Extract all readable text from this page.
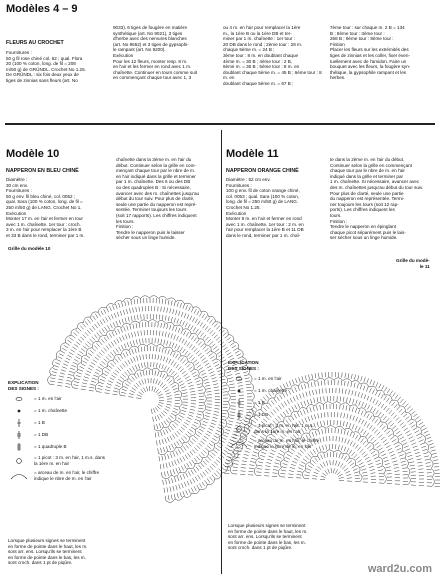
Modèles 4 – 9
FLEURS AU CROCHET
Fournitures :
50 g fil rose chiné col. 62 ; qual. Flora
20 (100 % coton, long. de fil = 208
m/50 g) de GRÜNDL. Crochet No 1.25.
De GRÜNDL : six fois deux yeux de
tiges de zinnias sans fleurs (art. No
9033), 6 tiges de fougère en matière
synthétique (art. No 9021), 3 tiges
d'herbe avec des nervures blanches
(art. No 9552) et 3 tiges de gypsophi-
le rampant (art. No 9200).
Exécution
Pour les 12 fleurs, monter resp. 8 m.
en l'air et les fermer en rond avec 1 m.
chaînette. Continuer en tours comme suit
en commençant chaque tour avec 1, 3
ou 4 m. en l'air pour remplacer la 1ère
m., la 1ère B ou la 1ère DB et ter-
miner par 1 m. chaînette : 1er tour :
20 DB dans le rond ; 2ème tour : 28 m.
chaque 5ème m. = 24 B ;
3ème tour : 8 m. en doublant chaque
4ème m. = 30 B ; 4ème tour : 2 B,
6ème m. = 36 B ; 5ème tour : 8 m. en
doublant chaque 5ème m. = 45 B ; 6ème tour : 8 m. en
doublant chaque 5ème m. = 67 B ;
7ème tour : sur chaque m. 2 B = 134
B ; 8ème tour : 3ème tour :
268 B ; 9ème tour : 8ème tour :
Finition
Placer les fleurs sur les extrémités des
tiges de zinnias et les coller, fixer éven-
tuellement avec de l'amidon. Faire un
bouquet avec les fleurs, la fougère syn-
thétique, la gypsophile rampant et les
herbes.
Modèle 10
NAPPERON EN BLEU CHINÉ
Diamètre :
30 cm env.
Fournitures :
50 g env. fil bleu chiné, col. 0052 ;
qual. Sara (100 % coton, long. de fil =
250 m/50 g) de LANG. Crochet No 1.
Exécution
Monter 17 m. en l'air et fermer en tour
avec 1 m. chaînette. 1er tour : croch.
3 m. en l'air pour remplacer la 1ère B
et 33 B dans le rond, terminer par 1 m.
chaînette dans la 3ème m. en l'air du
début. Continuer selon la grille en com-
mençant chaque tour par le nbre de m.
en l'air indiqué dans la grille et terminer
par 1 m. chaînette. Des 6 ou des DB
ou des quadruples B : Si nécessaire,
avancer avec des m. chaînettes jusqu'au
début du tour suiv. Pour plus de clarté,
seule une partie du napperon est repré-
sentée. Terminer toujours les tours
(soit 17 rapports). Les chiffres indiquent
les tours.
Finition :
Tendre le napperon puis le laisser
sécher sous un linge humide.
Modèle 11
NAPPERON ORANGE CHINÉ
Diamètre : 52 cm env.
Fournitures :
100 g env. fil de coton orange chiné,
col. 0053 ; qual. Sara (100 % coton,
long. de fil = 250 m/50 g) de LANG.
Crochet No 1.25.
Exécution
Monter 8 m. en l'air et fermer en rond
avec 1 m. chaînette. 1er tour : 2 m. en
l'air pour remplacer la 1ère B et 11 DB
dans le rond, terminer par 1 m. chaî-
te dans la 2ème m. en l'air du début.
Continuer selon la grille en commençant
chaque tour par le nbre de m. en l'air
indiqué dans la grille et terminer par
1 m. chaînette. Si nécessaire, avancer avec
des m. chaînettes jusqu'au début du tour suiv.
Pour plus de clarté, seule une partie
du napperon est représentée. Termi-
ner toujours les tours (soit 12 rap-
ports). Les chiffres indiquent les
tours.
Finition :
Tendre le napperon en épinglant
chaque picot séparément puis le lais-
ser sécher sous un linge humide.
Grille du modèle 10
Grille du modè-
le 11
EXPLICATION
DES SIGNES :
= 1 m. en l'air
= 1 m. chaînette
= 1 B
= 1 DB
= 1 quadruple B
= 1 picot : 3 m. en l'air, 1 m.s. dans
la 1ère m. en l'air
= arceau de m. en l'air, le chiffre
indique le nbre de m. en l'air
Lorsque plusieurs signes se terminent
en forme de pointe dans le haut, les m.
sont arr. ens. Lorsqu'ils se terminent
en forme de pointe dans le bas, les m.
sont croch. dans 1 pt de piqûre.
EXPLICATION
DES SIGNES :
= 1 m. en l'air
= 1 m. chaînette
= 1 B
= 1 DB
= 1 picot : 3 m. en l'air, 1 m.s.
dans la 1ère m. en l'air
= arceau de m. en l'air, le chiffre
indique le nbre de m. en l'air
Lorsque plusieurs signes se terminent
en forme de pointe dans le haut, les m.
sont arr. ens. Lorsqu'ils se terminent
en forme de pointe dans le bas, les m.
sont croch. dans 1 pt de piqûre.
ward2u.com
